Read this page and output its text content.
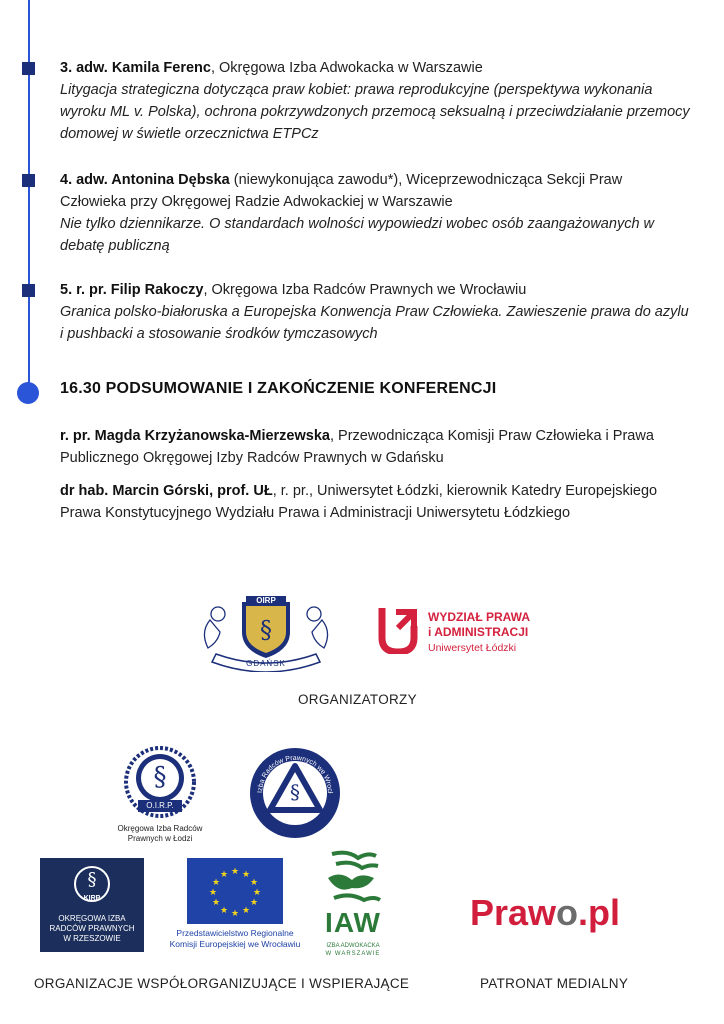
3. adw. Kamila Ferenc, Okręgowa Izba Adwokacka w Warszawie
Litygacja strategiczna dotycząca praw kobiet: prawa reprodukcyjne (perspektywa wykonania wyroku ML v. Polska), ochrona pokrzywdzonych przemocą seksualną i przeciwdziałanie przemocy domowej w świetle orzecznictwa ETPCz
4. adw. Antonina Dębska (niewykonująca zawodu*), Wiceprzewodnicząca Sekcji Praw Człowieka przy Okręgowej Radzie Adwokackiej w Warszawie
Nie tylko dziennikarze. O standardach wolności wypowiedzi wobec osób zaangażowanych w debatę publiczną
5. r. pr. Filip Rakoczy, Okręgowa Izba Radców Prawnych we Wrocławiu
Granica polsko-białoruska a Europejska Konwencja Praw Człowieka. Zawieszenie prawa do azylu i pushbacki a stosowanie środków tymczasowych
16.30 PODSUMOWANIE I ZAKOŃCZENIE KONFERENCJI
r. pr. Magda Krzyżanowska-Mierzewska, Przewodnicząca Komisji Praw Człowieka i Prawa Publicznego Okręgowej Izby Radców Prawnych w Gdańsku
dr hab. Marcin Górski, prof. UŁ, r. pr., Uniwersytet Łódzki, kierownik Katedry Europejskiego Prawa Konstytucyjnego Wydziału Prawa i Administracji Uniwersytetu Łódzkiego
OIRP
§
GDAŃSK
WYDZIAŁ PRAWA
i ADMINISTRACJI
Uniwersytet Łódzki
ORGANIZATORZY
§
O.I.R.P.
Okręgowa Izba Radców
Prawnych w Łodzi
Izba Radców Prawnych we Wrocł
§
§
KIRP
OKRĘGOWA IZBA
RADCÓW PRAWNYCH
W RZESZOWIE
★ ★
★
★
★
★
★
★
★
★
★
★
Przedstawicielstwo Regionalne
Komisji Europejskiej we Wrocławiu
IAW
IZBA ADWOKACKA
W WARSZAWIE
ORGANIZACJE WSPÓŁORGANIZUJĄCE I WSPIERAJĄCE
Prawo.pl
PATRONAT MEDIALNY
